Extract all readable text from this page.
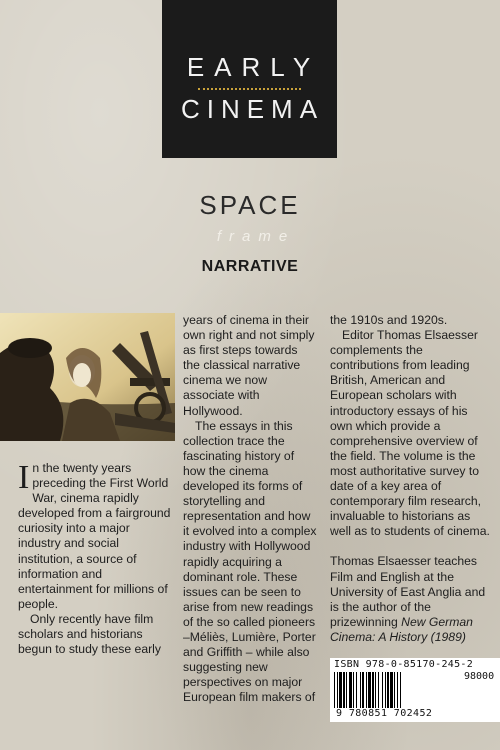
EARLY
CINEMA
SPACE
frame
NARRATIVE

In the twenty years preceding the First World War, cinema rapidly developed from a fairground curiosity into a major industry and social institution, a source of information and entertainment for millions of people.

Only recently have film scholars and historians begun to study these early

years of cinema in their own right and not simply as first steps towards the classical narrative cinema we now associate with Hollywood.

The essays in this collection trace the fascinating history of how the cinema developed its forms of storytelling and representation and how it evolved into a complex industry with Hollywood rapidly acquiring a dominant role. These issues can be seen to arise from new readings of the so called pioneers –Méliès, Lumière, Porter and Griffith – while also suggesting new perspectives on major European film makers of

the 1910s and 1920s.

Editor Thomas Elsaesser complements the contributions from leading British, American and European scholars with introductory essays of his own which provide a comprehensive overview of the field. The volume is the most authoritative survey to date of a key area of contemporary film research, invaluable to historians as well as to students of cinema.

Thomas Elsaesser teaches Film and English at the University of East Anglia and is the author of the prizewinning New German Cinema: A History (1989)

ISBN 978-0-85170-245-2
9 780851 702452
98000
